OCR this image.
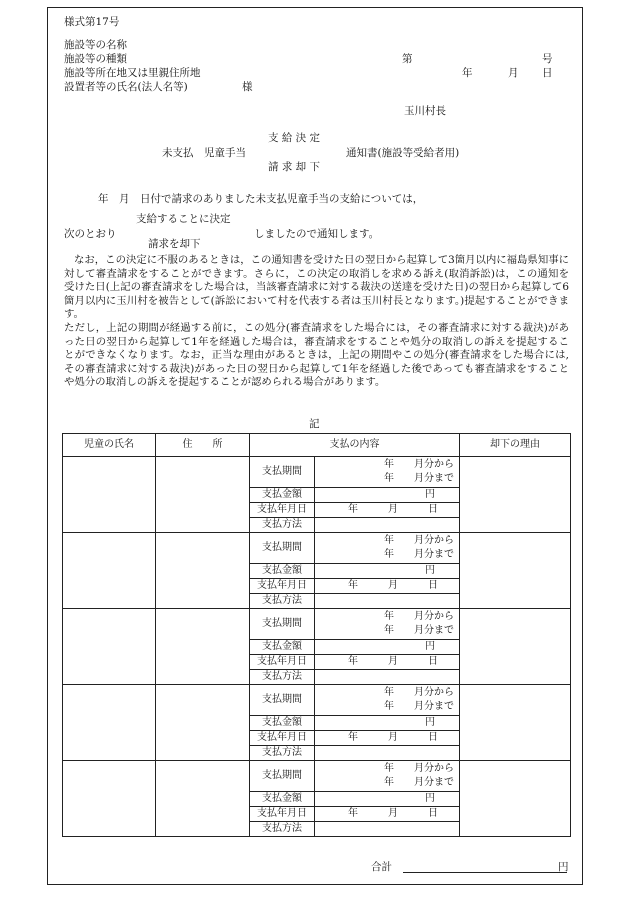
様式第17号
施設等の名称
施設等の種類
施設等所在地又は里親住所地
設置者等の氏名(法人名等)	様
第	号
年	月 日
玉川村長
支 給 決 定
未支払　児童手当
請 求 却 下
通知書(施設等受給者用)
年　月　日付で請求のありました未支払児童手当の支給については，
支給することに決定
次のとおり
請求を却下
しましたので通知します。
なお，この決定に不服のあるときは，この通知書を受けた日の翌日から起算して3箇月以内に福島県知事に対して審査請求をすることができます。さらに，この決定の取消しを求める訴え(取消訴訟)は，この通知を受けた日(上記の審査請求をした場合は，当該審査請求に対する裁決の送達を受けた日)の翌日から起算して6箇月以内に玉川村を被告として(訴訟において村を代表する者は玉川村長となります。)提起することができます。
ただし，上記の期間が経過する前に，この処分(審査請求をした場合には，その審査請求に対する裁決)があった日の翌日から起算して1年を経過した場合は，審査請求をすることや処分の取消しの訴えを提起することができなくなります。なお，正当な理由があるときは，上記の期間やこの処分(審査請求をした場合には,その審査請求に対する裁決)があった日の翌日から起算して1年を経過した後であっても審査請求をすることや処分の取消しの訴えを提起することが認められる場合があります。
記
児童の氏名	住　　所	支払の内容		却下の理由
		支払期間	年　　月分から
年　　月分まで	

		支払金額	円	

		支払年月日	年 月 日	

		支払方法		
		支払期間	年　　月分から
年　　月分まで	

		支払金額	円	

		支払年月日	年 月 日	

		支払方法		
		支払期間	年　　月分から
年　　月分まで	

		支払金額	円	

		支払年月日	年 月 日	

		支払方法		
		支払期間	年　　月分から
年　　月分まで	

		支払金額	円	

		支払年月日	年 月 日	

		支払方法		
		支払期間	年　　月分から
年　　月分まで	

		支払金額	円	

		支払年月日	年 月 日	

		支払方法		
合計	円
